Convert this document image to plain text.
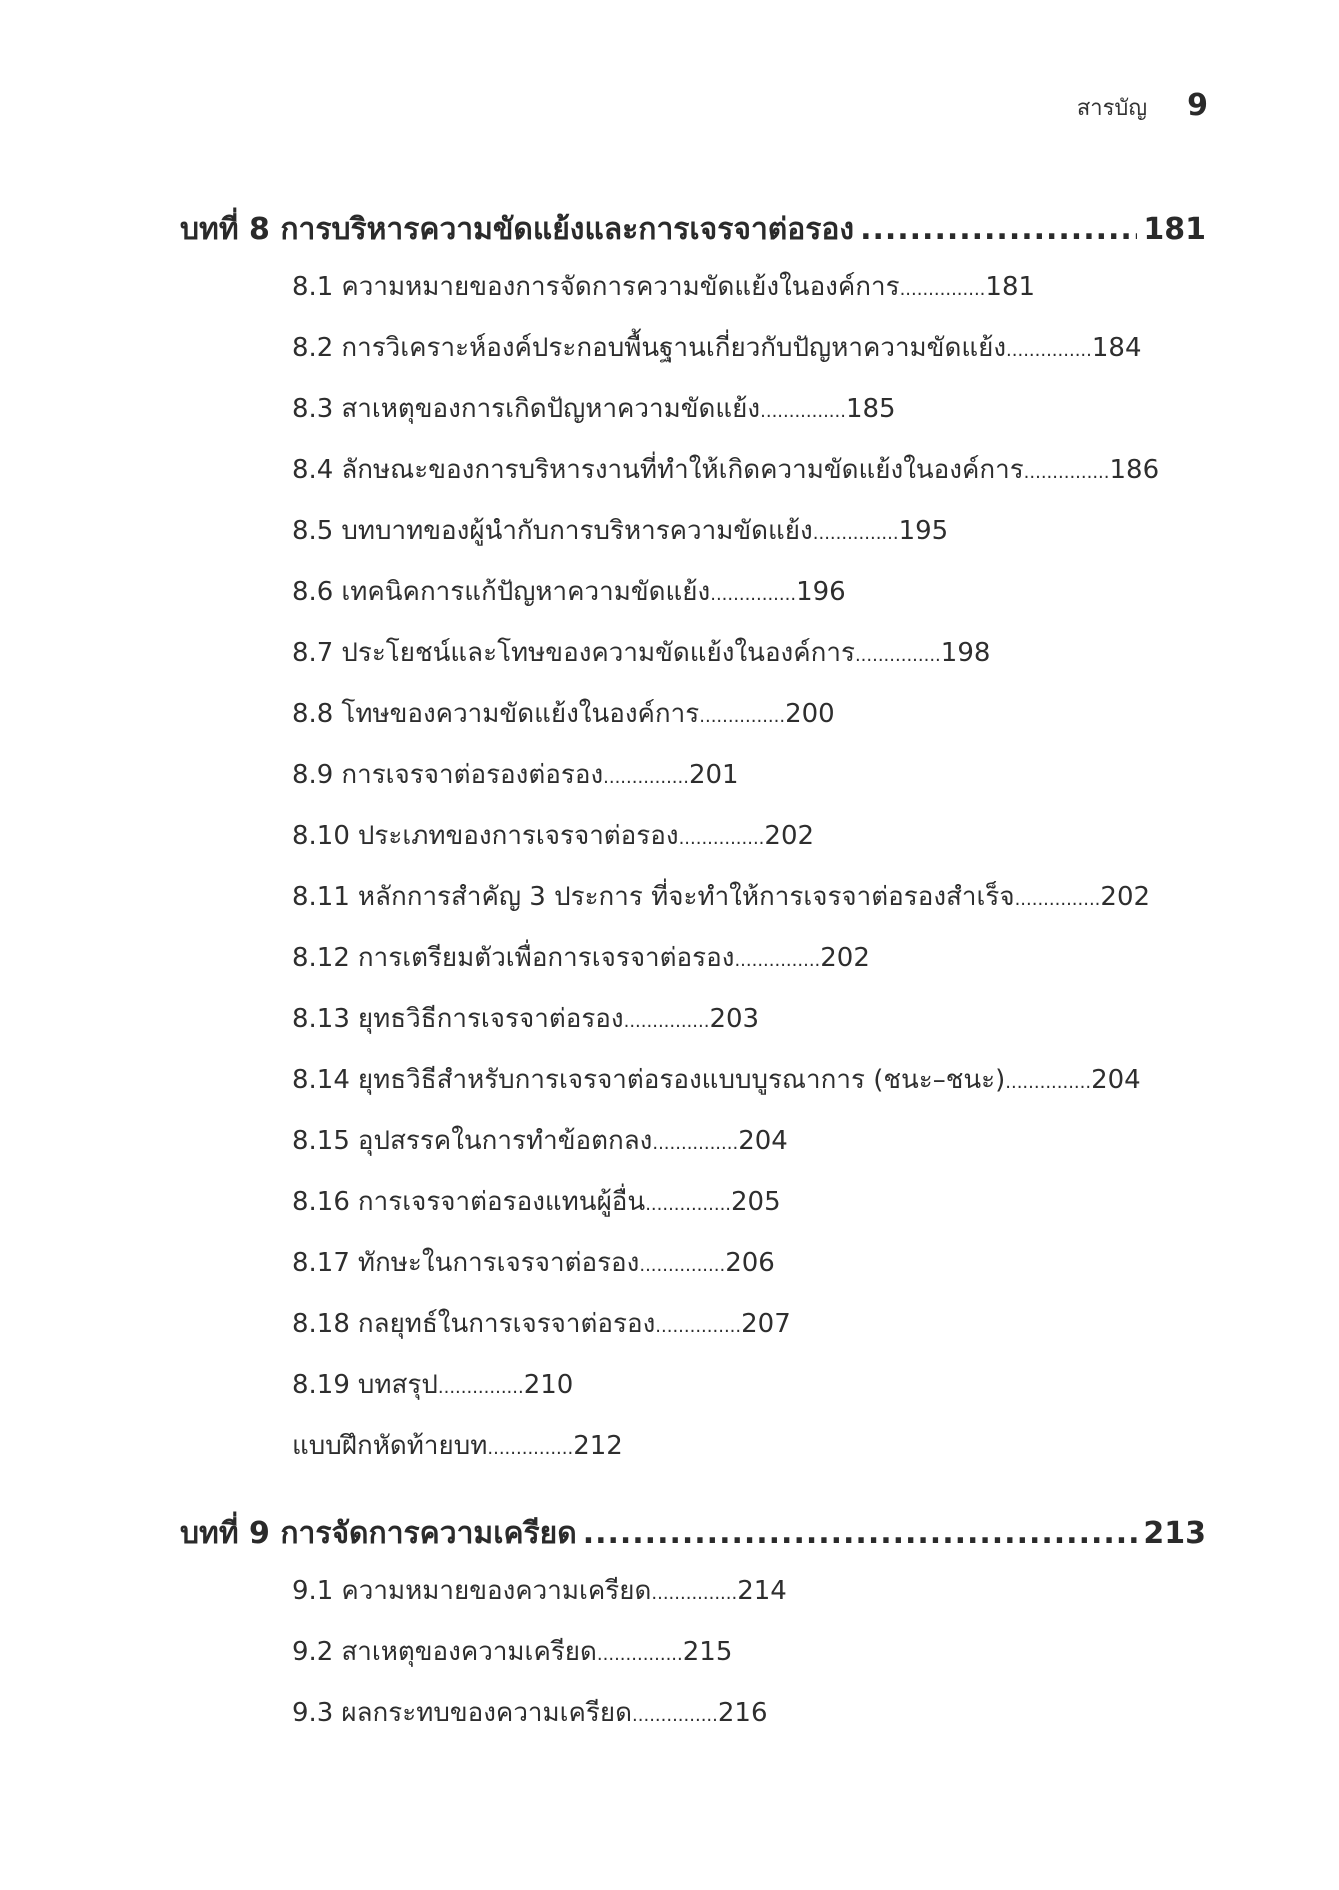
สารบัญ 9
บทที่ 8 การบริหารความขัดแย้งและการเจรจาต่อรอง .....	181
8.1 ความหมายของการจัดการความขัดแย้งในองค์การ...............181
8.2 การวิเคราะห์องค์ประกอบพื้นฐานเกี่ยวกับปัญหาความขัดแย้ง...............184
8.3 สาเหตุของการเกิดปัญหาความขัดแย้ง...............185
8.4 ลักษณะของการบริหารงานที่ทำให้เกิดความขัดแย้งในองค์การ...............186
8.5 บทบาทของผู้นำกับการบริหารความขัดแย้ง...............195
8.6 เทคนิคการแก้ปัญหาความขัดแย้ง...............196
8.7 ประโยชน์และโทษของความขัดแย้งในองค์การ...............198
8.8 โทษของความขัดแย้งในองค์การ...............200
8.9 การเจรจาต่อรองต่อรอง...............201
8.10 ประเภทของการเจรจาต่อรอง...............202
8.11 หลักการสำคัญ 3 ประการ ที่จะทำให้การเจรจาต่อรองสำเร็จ...............202
8.12 การเตรียมตัวเพื่อการเจรจาต่อรอง...............202
8.13 ยุทธวิธีการเจรจาต่อรอง...............203
8.14 ยุทธวิธีสำหรับการเจรจาต่อรองแบบบูรณาการ (ชนะ–ชนะ)...............204
8.15 อุปสรรคในการทำข้อตกลง...............204
8.16 การเจรจาต่อรองแทนผู้อื่น...............205
8.17 ทักษะในการเจรจาต่อรอง...............206
8.18 กลยุทธ์ในการเจรจาต่อรอง...............207
8.19 บทสรุป...............210
แบบฝึกหัดท้ายบท...............212
บทที่ 9 การจัดการความเครียด .....	213
9.1 ความหมายของความเครียด...............214
9.2 สาเหตุของความเครียด...............215
9.3 ผลกระทบของความเครียด...............216
